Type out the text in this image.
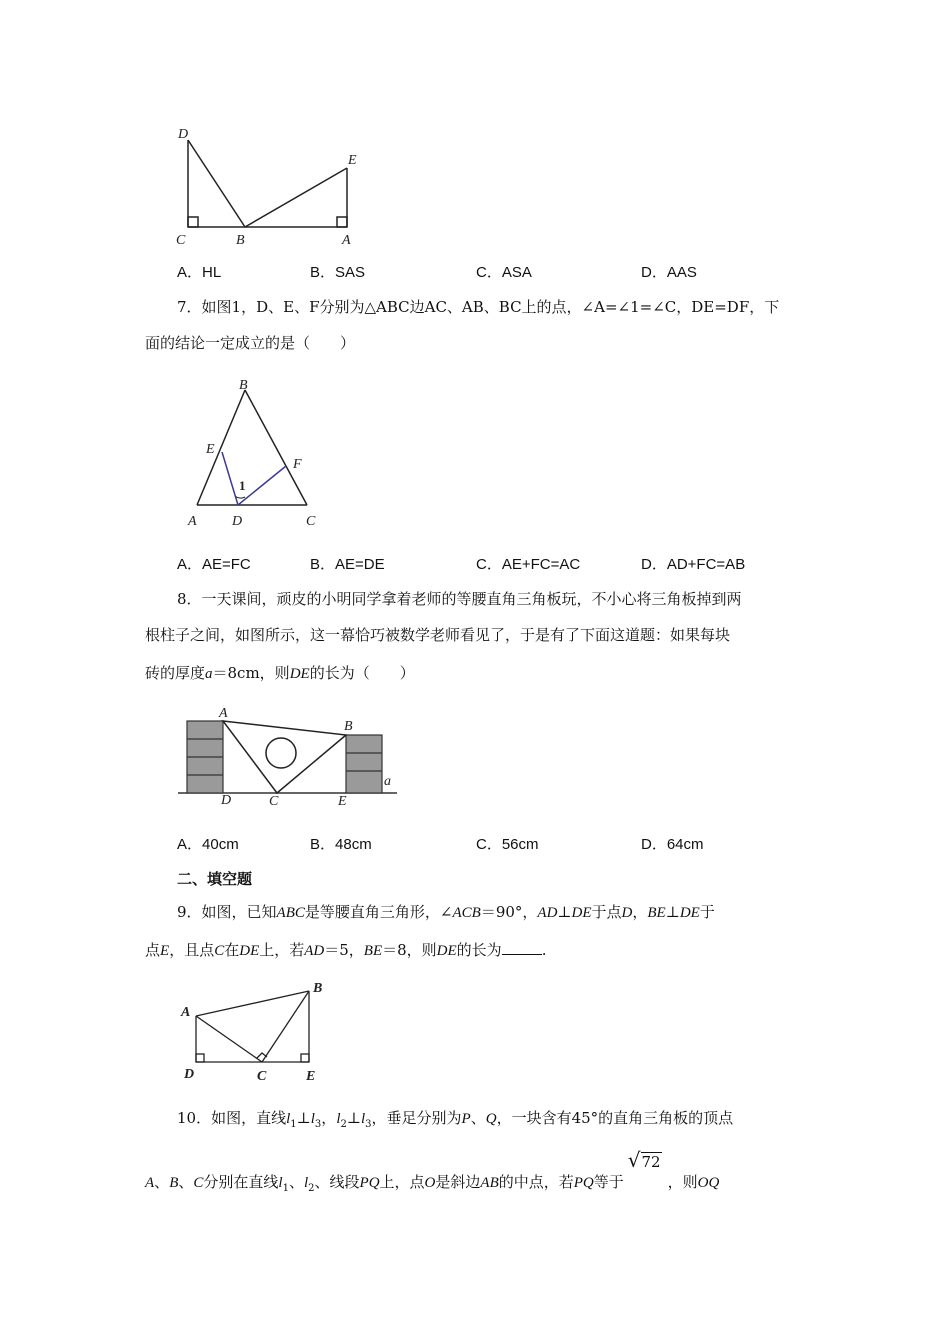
D
E
C	B	A
A．HL	B．SAS	C．ASA	D．AAS
7．如图1，D、E、F分别为△ABC边AC、AB、BC上的点，∠A=∠1=∠C，DE=DF，下
面的结论一定成立的是（　　）
B
E
F
1
A	D	C
A．AE=FC	B．AE=DE	C．AE+FC=AC	D．AD+FC=AB
8．一天课间，顽皮的小明同学拿着老师的等腰直角三角板玩，不小心将三角板掉到两
根柱子之间，如图所示，这一幕恰巧被数学老师看见了，于是有了下面这道题：如果每块
砖的厚度a＝8cm，则DE的长为（　　）
A
B
D	C	E
a
A．40cm	B．48cm	C．56cm	D．64cm
二、填空题
9．如图，已知ABC是等腰直角三角形，∠ACB＝90°，AD⊥DE于点D，BE⊥DE于
点E，且点C在DE上，若AD＝5，BE＝8，则DE的长为	.
A
B
D	C	E
10．如图，直线$l_1\perp l_3$，$l_2\perp l_3$，垂足分别为P、Q，一块含有45°的直角三角板的顶点
A、B、C分别在直线$l_1$、$l_2$、线段PQ上，点O是斜边AB的中点，若PQ等于√72，则OQ
